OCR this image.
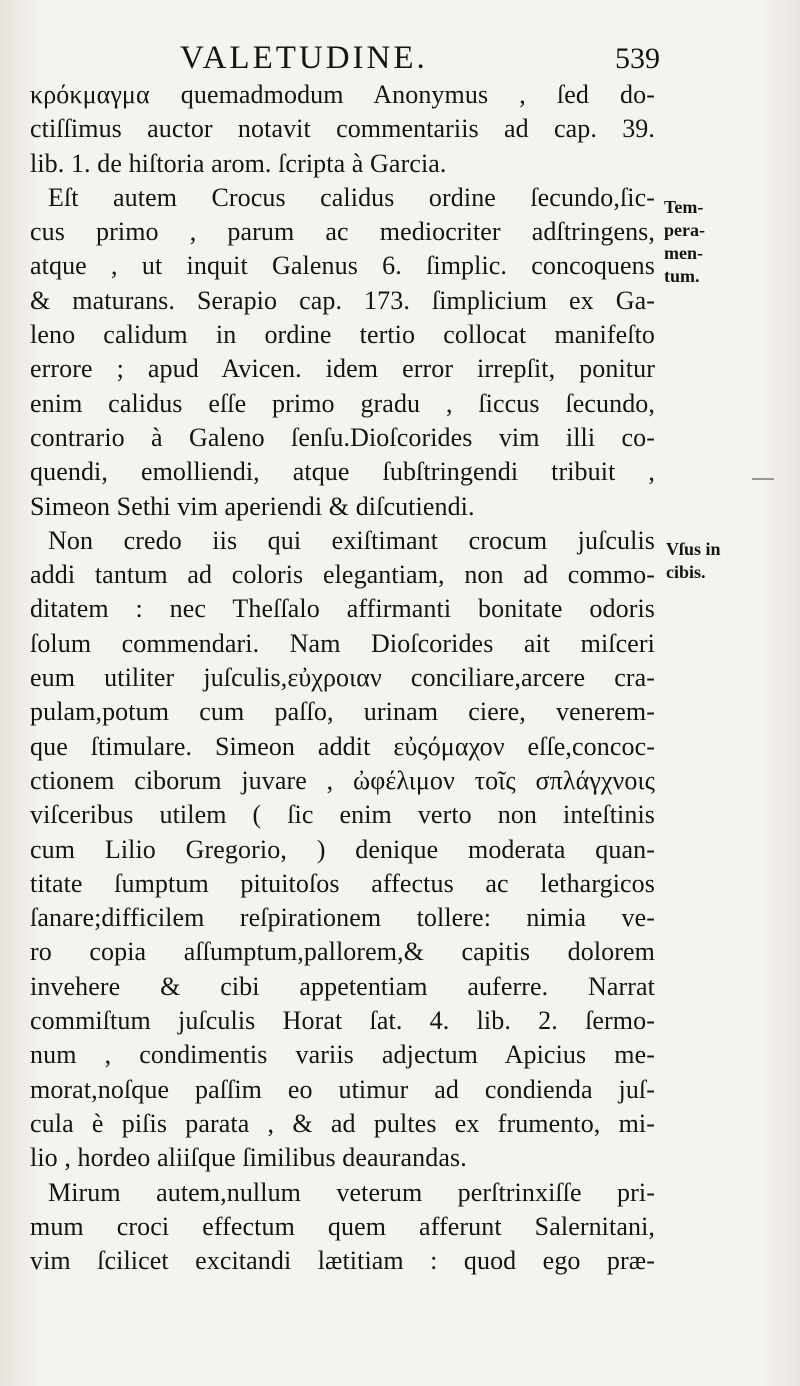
VALETUDINE.	539
κρόκμαγμα quemadmodum Anonymus , ſed do-
ctiſſimus auctor notavit commentariis ad cap. 39.
lib. 1. de hiſtoria arom. ſcripta à Garcia.
Eſt autem Crocus calidus ordine ſecundo,ſic-
cus primo , parum ac mediocriter adſtringens,
atque , ut inquit Galenus 6. ſimplic. concoquens
& maturans. Serapio cap. 173. ſimplicium ex Ga-
leno calidum in ordine tertio collocat manifeſto
errore ; apud Avicen. idem error irrepſit, ponitur
enim calidus eſſe primo gradu , ſiccus ſecundo,
contrario à Galeno ſenſu.Dioſcorides vim illi co-
quendi, emolliendi, atque ſubſtringendi tribuit ,
Simeon Sethi vim aperiendi & diſcutiendi.
Non credo iis qui exiſtimant crocum juſculis
addi tantum ad coloris elegantiam, non ad commo-
ditatem : nec Theſſalo affirmanti bonitate odoris
ſolum commendari. Nam Dioſcorides ait miſceri
eum utiliter juſculis,εὐχροιαν conciliare,arcere cra-
pulam,potum cum paſſo, urinam ciere, venerem-
que ſtimulare. Simeon addit εὐςόμαχον eſſe,concoc-
ctionem ciborum juvare , ὠφέλιμον τοῖς σπλάγχνοις
viſceribus utilem ( ſic enim verto non inteſtinis
cum Lilio Gregorio, ) denique moderata quan-
titate ſumptum pituitoſos affectus ac lethargicos
ſanare;difficilem reſpirationem tollere: nimia ve-
ro copia aſſumptum,pallorem,& capitis dolorem
invehere & cibi appetentiam auferre. Narrat
commiſtum juſculis Horat ſat. 4. lib. 2. ſermo-
num , condimentis variis adjectum Apicius me-
morat,noſque paſſim eo utimur ad condienda juſ-
cula è piſis parata , & ad pultes ex frumento, mi-
lio , hordeo aliiſque ſimilibus deaurandas.
Mirum autem,nullum veterum perſtrinxiſſe pri-
mum croci effectum quem afferunt Salernitani,
vim ſcilicet excitandi lætitiam : quod ego præ-
Tem-
pera-
men-
tum.
Vſus in
cibis.
